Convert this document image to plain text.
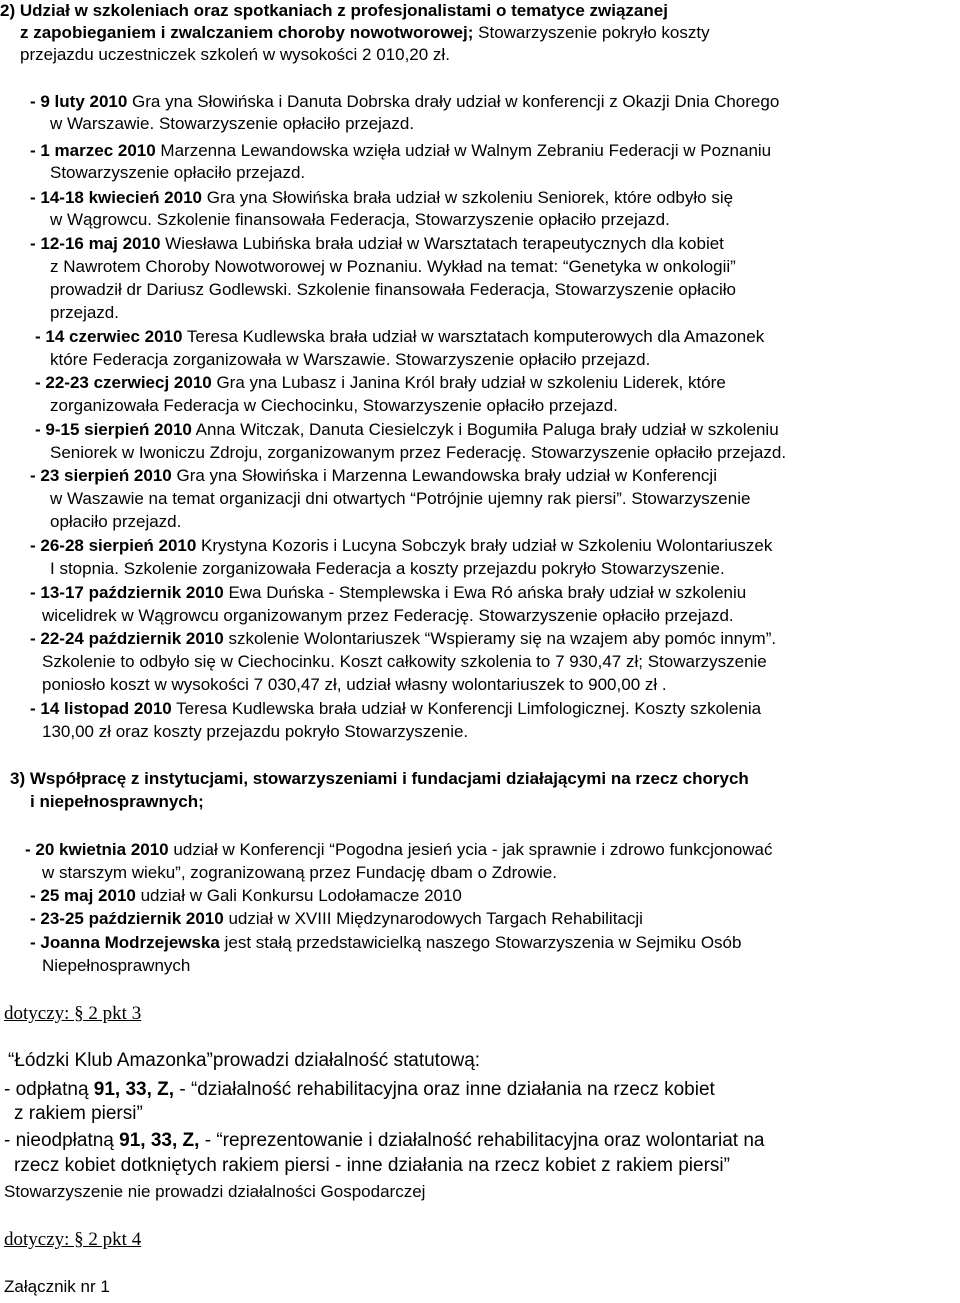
2) Udział w szkoleniach oraz spotkaniach z profesjonalistami o tematyce związanej
z zapobieganiem i zwalczaniem choroby nowotworowej; Stowarzyszenie pokryło koszty
przejazdu uczestniczek szkoleń w wysokości 2 010,20 zł.
- 9 luty 2010 Gra yna Słowińska i Danuta Dobrska drały udział w konferencji z Okazji Dnia Chorego
w Warszawie. Stowarzyszenie opłaciło przejazd.
- 1 marzec 2010 Marzenna Lewandowska wzięła udział w Walnym Zebraniu Federacji w Poznaniu
Stowarzyszenie opłaciło przejazd.
- 14-18 kwiecień 2010 Gra yna Słowińska brała udział w szkoleniu Seniorek, które odbyło się
w Wągrowcu. Szkolenie finansowała Federacja, Stowarzyszenie opłaciło przejazd.
- 12-16 maj 2010 Wiesława Lubińska brała udział w Warsztatach terapeutycznych dla kobiet
z Nawrotem Choroby Nowotworowej w Poznaniu. Wykład na temat: “Genetyka w onkologii”
prowadził dr Dariusz Godlewski. Szkolenie finansowała Federacja, Stowarzyszenie opłaciło
przejazd.
- 14 czerwiec 2010 Teresa Kudlewska brała udział w warsztatach komputerowych dla Amazonek
które Federacja zorganizowała w Warszawie. Stowarzyszenie opłaciło przejazd.
- 22-23 czerwiecj 2010 Gra yna Lubasz i Janina Król brały udział w szkoleniu Liderek, które
zorganizowała Federacja w Ciechocinku, Stowarzyszenie opłaciło przejazd.
- 9-15 sierpień 2010 Anna Witczak, Danuta Ciesielczyk i Bogumiła Paluga brały udział w szkoleniu
Seniorek w Iwoniczu Zdroju, zorganizowanym przez Federację. Stowarzyszenie opłaciło przejazd.
- 23 sierpień 2010 Gra yna Słowińska i Marzenna Lewandowska brały udział w Konferencji
w Waszawie na temat organizacji dni otwartych “Potrójnie ujemny rak piersi”. Stowarzyszenie
opłaciło przejazd.
- 26-28 sierpień 2010 Krystyna Kozoris i Lucyna Sobczyk brały udział w Szkoleniu Wolontariuszek
I stopnia. Szkolenie zorganizowała Federacja a koszty przejazdu pokryło Stowarzyszenie.
- 13-17 październik 2010 Ewa Duńska - Stemplewska i Ewa Ró ańska brały udział w szkoleniu
wicelidrek w Wągrowcu organizowanym przez Federację. Stowarzyszenie opłaciło przejazd.
- 22-24 październik 2010 szkolenie Wolontariuszek “Wspieramy się na wzajem aby pomóc innym”.
Szkolenie to odbyło się w Ciechocinku. Koszt całkowity szkolenia to 7 930,47 zł; Stowarzyszenie
poniosło koszt w wysokości 7 030,47 zł, udział własny wolontariuszek to 900,00 zł .
- 14 listopad 2010 Teresa Kudlewska brała udział w Konferencji Limfologicznej. Koszty szkolenia
130,00 zł oraz koszty przejazdu pokryło Stowarzyszenie.
3) Współpracę z instytucjami, stowarzyszeniami i fundacjami działającymi na rzecz chorych
i niepełnosprawnych;
- 20 kwietnia 2010 udział w Konferencji “Pogodna jesień ycia - jak sprawnie i zdrowo funkcjonować
w starszym wieku”, zogranizowaną przez Fundację dbam o Zdrowie.
- 25 maj 2010 udział w Gali Konkursu Lodołamacze 2010
- 23-25 październik 2010 udział w XVIII Międzynarodowych Targach Rehabilitacji
- Joanna Modrzejewska jest stałą przedstawicielką naszego Stowarzyszenia w Sejmiku Osób
Niepełnosprawnych
dotyczy: § 2 pkt 3
“Łódzki Klub Amazonka”prowadzi działalność statutową:
- odpłatną 91, 33, Z, - “działalność rehabilitacyjna oraz inne działania na rzecz kobiet
z rakiem piersi”
- nieodpłatną 91, 33, Z, - “reprezentowanie i działalność rehabilitacyjna oraz wolontariat na
rzecz kobiet dotkniętych rakiem piersi - inne działania na rzecz kobiet z rakiem piersi”
Stowarzyszenie nie prowadzi działalności Gospodarczej
dotyczy: § 2 pkt 4
Załącznik nr 1
